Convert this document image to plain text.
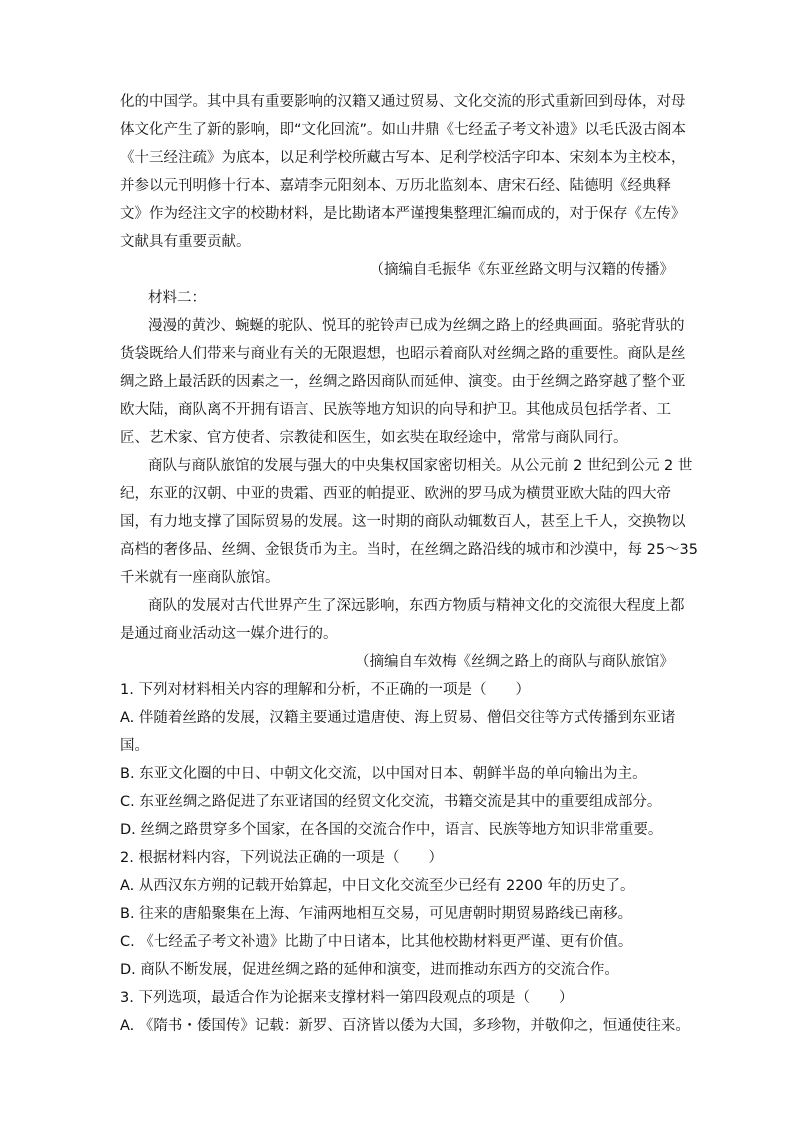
化的中国学。其中具有重要影响的汉籍又通过贸易、文化交流的形式重新回到母体，对母
体文化产生了新的影响，即“文化回流”。如山井鼎《七经孟子考文补遗》以毛氏汲古阁本
《十三经注疏》为底本，以足利学校所藏古写本、足利学校活字印本、宋刻本为主校本，
并参以元刊明修十行本、嘉靖李元阳刻本、万历北监刻本、唐宋石经、陆德明《经典释
文》作为经注文字的校勘材料，是比勘诸本严谨搜集整理汇编而成的，对于保存《左传》
文献具有重要贡献。
（摘编自毛振华《东亚丝路文明与汉籍的传播》
材料二：
漫漫的黄沙、蜿蜒的驼队、悦耳的驼铃声已成为丝绸之路上的经典画面。骆驼背驮的
货袋既给人们带来与商业有关的无限遐想，也昭示着商队对丝绸之路的重要性。商队是丝
绸之路上最活跃的因素之一，丝绸之路因商队而延伸、演变。由于丝绸之路穿越了整个亚
欧大陆，商队离不开拥有语言、民族等地方知识的向导和护卫。其他成员包括学者、工
匠、艺术家、官方使者、宗教徒和医生，如玄奘在取经途中，常常与商队同行。
商队与商队旅馆的发展与强大的中央集权国家密切相关。从公元前 2 世纪到公元 2 世
纪，东亚的汉朝、中亚的贵霜、西亚的帕提亚、欧洲的罗马成为横贯亚欧大陆的四大帝
国，有力地支撑了国际贸易的发展。这一时期的商队动辄数百人，甚至上千人，交换物以
高档的奢侈品、丝绸、金银货币为主。当时，在丝绸之路沿线的城市和沙漠中，每 25～35
千米就有一座商队旅馆。
商队的发展对古代世界产生了深远影响，东西方物质与精神文化的交流很大程度上都
是通过商业活动这一媒介进行的。
（摘编自车效梅《丝绸之路上的商队与商队旅馆》
1. 下列对材料相关内容的理解和分析，不正确的一项是（　　）
A. 伴随着丝路的发展，汉籍主要通过遣唐使、海上贸易、僧侣交往等方式传播到东亚诸
国。
B. 东亚文化圈的中日、中朝文化交流，以中国对日本、朝鲜半岛的单向输出为主。
C. 东亚丝绸之路促进了东亚诸国的经贸文化交流，书籍交流是其中的重要组成部分。
D. 丝绸之路贯穿多个国家，在各国的交流合作中，语言、民族等地方知识非常重要。
2. 根据材料内容，下列说法正确的一项是（　　）
A. 从西汉东方朔的记载开始算起，中日文化交流至少已经有 2200 年的历史了。
B. 往来的唐船聚集在上海、乍浦两地相互交易，可见唐朝时期贸易路线已南移。
C. 《七经孟子考文补遗》比勘了中日诸本，比其他校勘材料更严谨、更有价值。
D. 商队不断发展，促进丝绸之路的延伸和演变，进而推动东西方的交流合作。
3. 下列选项，最适合作为论据来支撑材料一第四段观点的项是（　　）
A. 《隋书・倭国传》记载：新罗、百济皆以倭为大国，多珍物，并敬仰之，恒通使往来。
